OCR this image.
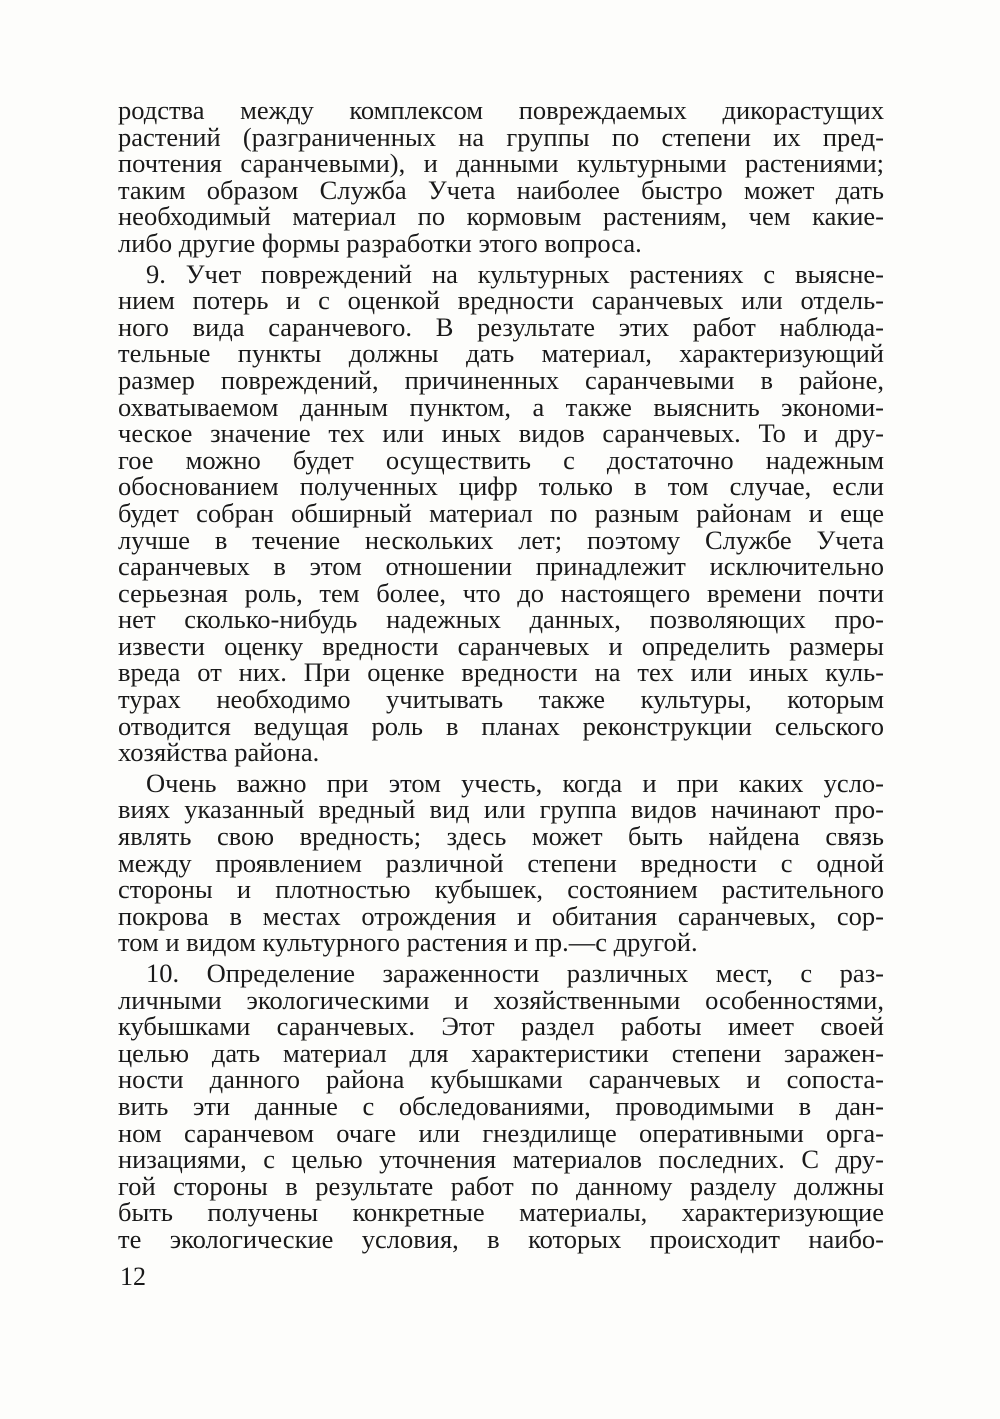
родства между комплексом повреждаемых дикорастущих
растений (разграниченных на группы по степени их пред-
почтения саранчевыми), и данными культурными растениями;
таким образом Служба Учета наиболее быстро может дать
необходимый материал по кормовым растениям, чем какие-
либо другие формы разработки этого вопроса.
9. Учет повреждений на культурных растениях с выясне-
нием потерь и с оценкой вредности саранчевых или отдель-
ного вида саранчевого. В результате этих работ наблюда-
тельные пункты должны дать материал, характеризующий
размер повреждений, причиненных саранчевыми в районе,
охватываемом данным пунктом, а также выяснить экономи-
ческое значение тех или иных видов саранчевых. То и дру-
гое можно будет осуществить с достаточно надежным
обоснованием полученных цифр только в том случае, если
будет собран обширный материал по разным районам и еще
лучше в течение нескольких лет; поэтому Службе Учета
саранчевых в этом отношении принадлежит исключительно
серьезная роль, тем более, что до настоящего времени почти
нет сколько-нибудь надежных данных, позволяющих про-
извести оценку вредности саранчевых и определить размеры
вреда от них. При оценке вредности на тех или иных куль-
турах необходимо учитывать также культуры, которым
отводится ведущая роль в планах реконструкции сельского
хозяйства района.
Очень важно при этом учесть, когда и при каких усло-
виях указанный вредный вид или группа видов начинают про-
являть свою вредность; здесь может быть найдена связь
между проявлением различной степени вредности с одной
стороны и плотностью кубышек, состоянием растительного
покрова в местах отрождения и обитания саранчевых, сор-
том и видом культурного растения и пр.—с другой.
10. Определение зараженности различных мест, с раз-
личными экологическими и хозяйственными особенностями,
кубышками саранчевых. Этот раздел работы имеет своей
целью дать материал для характеристики степени заражен-
ности данного района кубышками саранчевых и сопоста-
вить эти данные с обследованиями, проводимыми в дан-
ном саранчевом очаге или гнездилище оперативными орга-
низациями, с целью уточнения материалов последних. С дру-
гой стороны в результате работ по данному разделу должны
быть получены конкретные материалы, характеризующие
те экологические условия, в которых происходит наибо-
12
